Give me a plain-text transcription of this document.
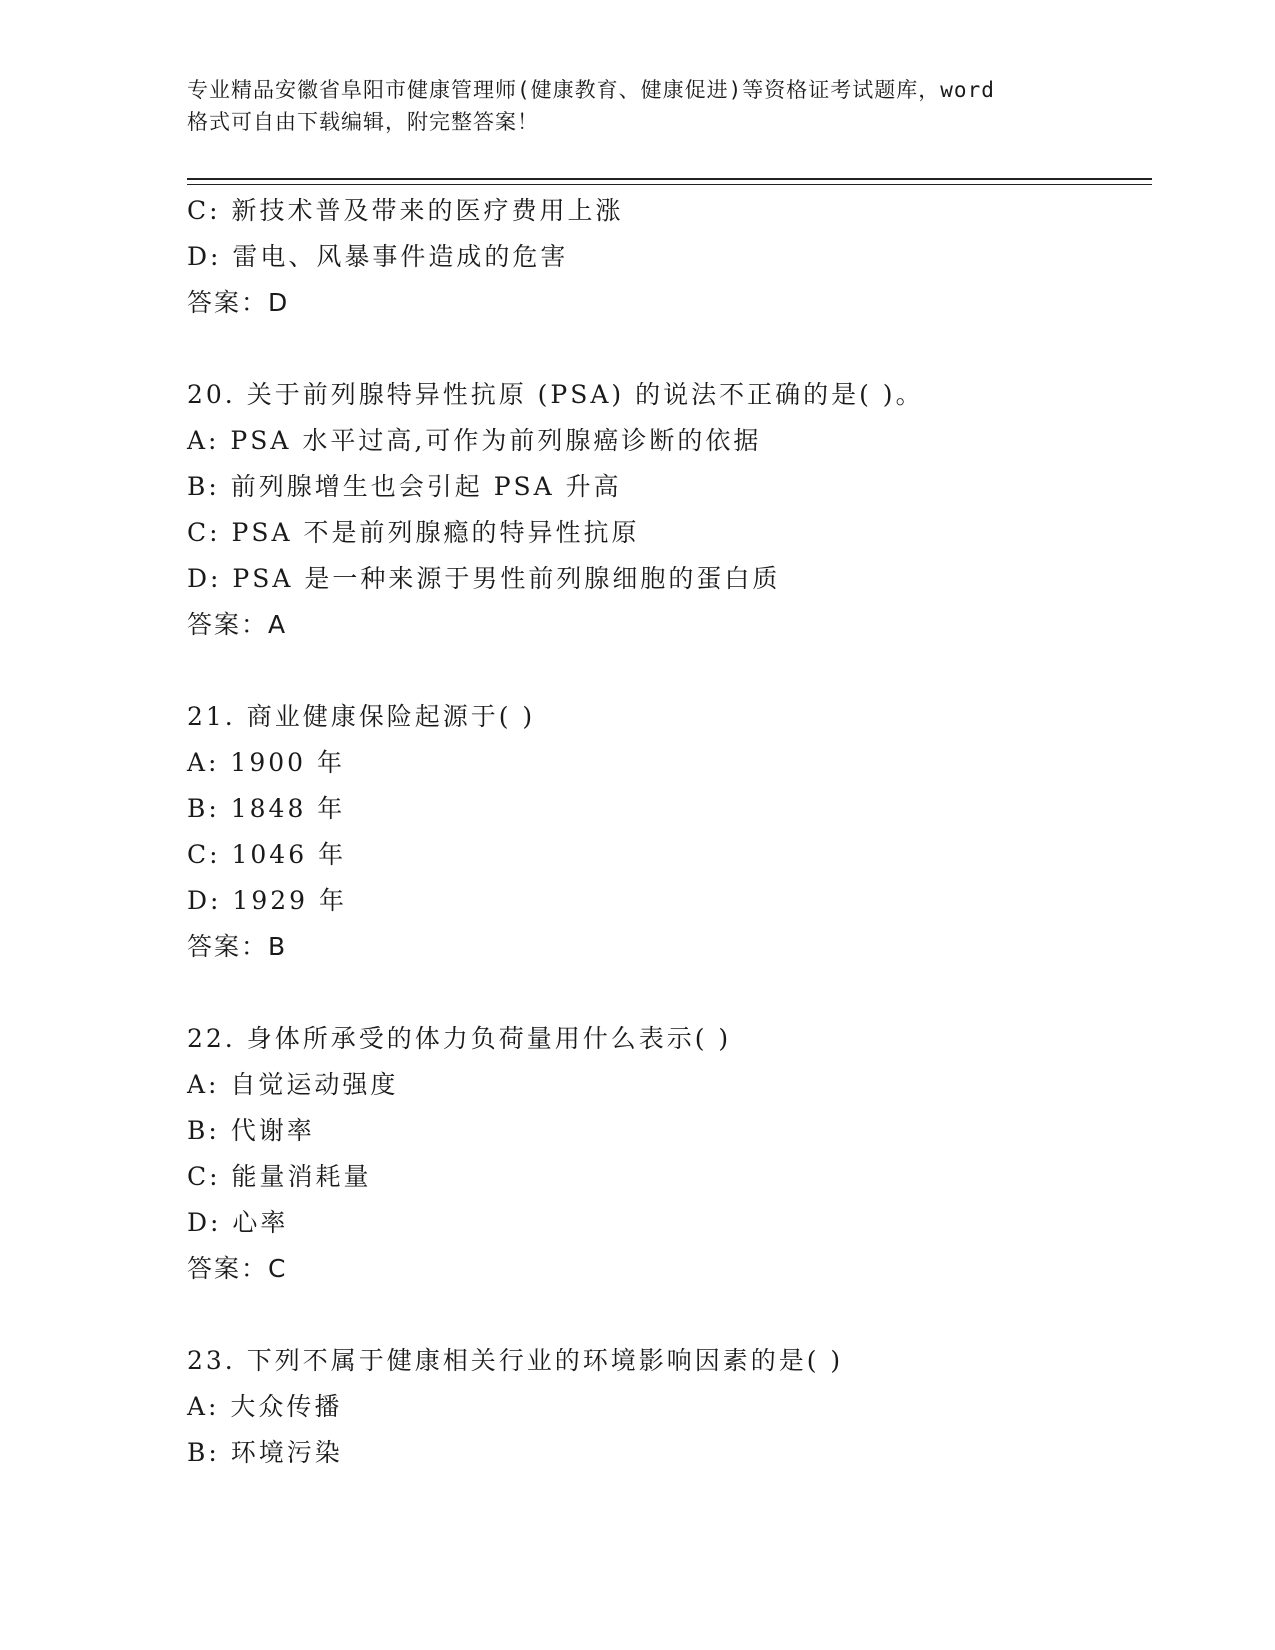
专业精品安徽省阜阳市健康管理师(健康教育、健康促进)等资格证考试题库，word
格式可自由下载编辑，附完整答案！
C: 新技术普及带来的医疗费用上涨
D: 雷电、风暴事件造成的危害
答案：D
20. 关于前列腺特异性抗原 (PSA) 的说法不正确的是( )。
A: PSA 水平过高,可作为前列腺癌诊断的依据
B: 前列腺增生也会引起 PSA 升高
C: PSA 不是前列腺瘾的特异性抗原
D: PSA 是一种来源于男性前列腺细胞的蛋白质
答案：A
21. 商业健康保险起源于( )
A: 1900 年
B: 1848 年
C: 1046 年
D: 1929 年
答案：B
22. 身体所承受的体力负荷量用什么表示( )
A: 自觉运动强度
B: 代谢率
C: 能量消耗量
D: 心率
答案：C
23. 下列不属于健康相关行业的环境影响因素的是( )
A: 大众传播
B: 环境污染
